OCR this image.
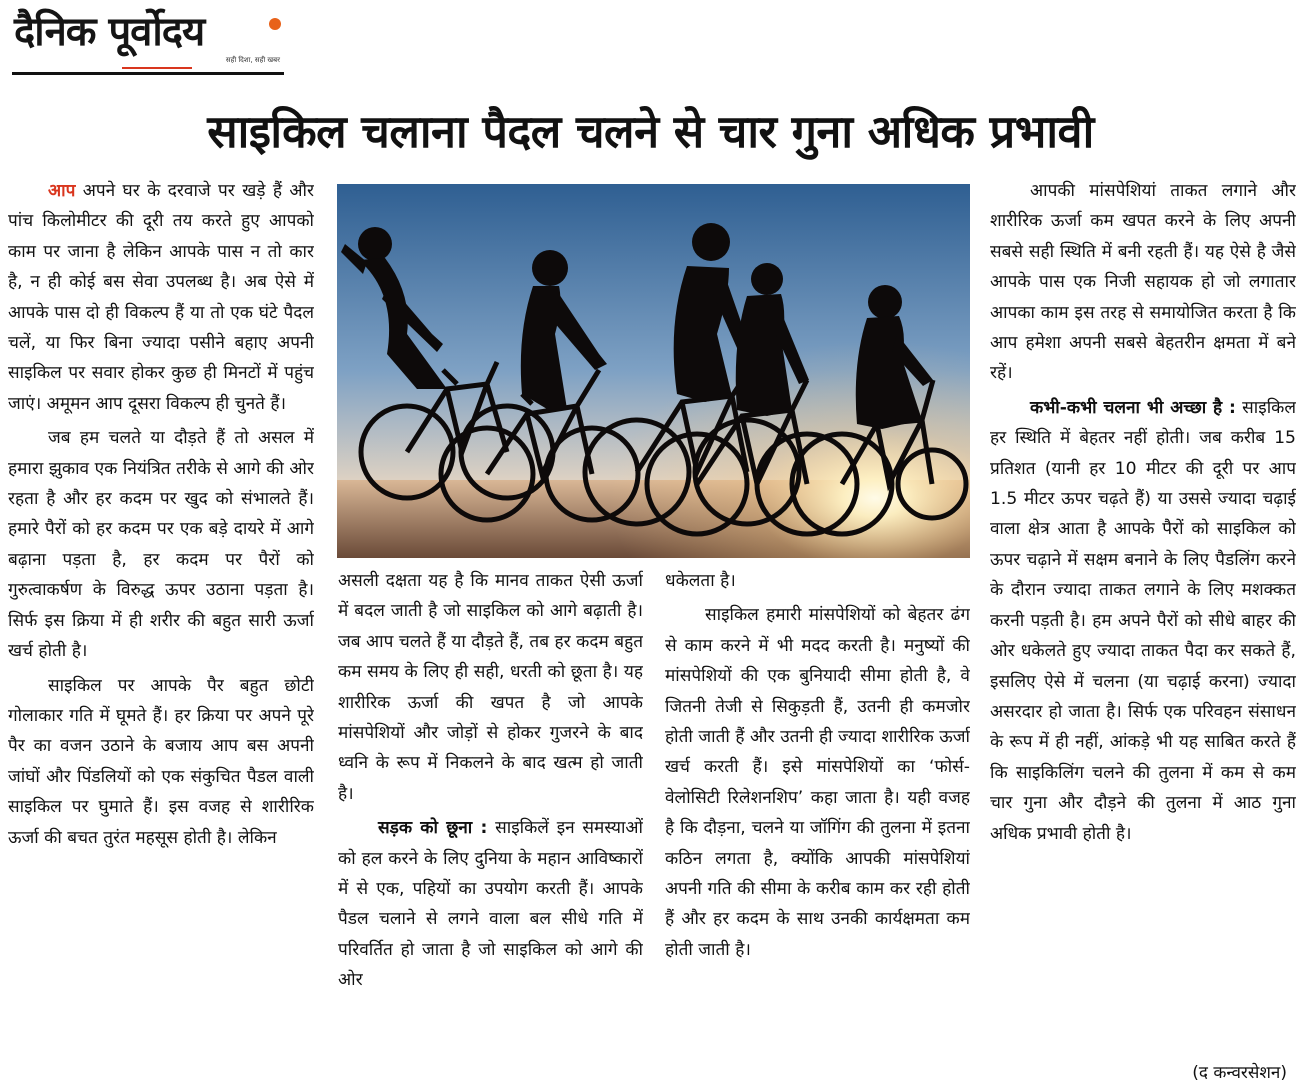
दैनिक पूर्वोदय
सही दिशा, सही खबर
साइकिल चलाना पैदल चलने से चार गुना अधिक प्रभावी

आप अपने घर के दरवाजे पर खड़े हैं और पांच किलोमीटर की दूरी तय करते हुए आपको काम पर जाना है लेकिन आपके पास न तो कार है, न ही कोई बस सेवा उपलब्ध है। अब ऐसे में आपके पास दो ही विकल्प हैं या तो एक घंटे पैदल चलें, या फिर बिना ज्यादा पसीने बहाए अपनी साइकिल पर सवार होकर कुछ ही मिनटों में पहुंच जाएं। अमूमन आप दूसरा विकल्प ही चुनते हैं।

जब हम चलते या दौड़ते हैं तो असल में हमारा झुकाव एक नियंत्रित तरीके से आगे की ओर रहता है और हर कदम पर खुद को संभालते हैं। हमारे पैरों को हर कदम पर एक बड़े दायरे में आगे बढ़ाना पड़ता है, हर कदम पर पैरों को गुरुत्वाकर्षण के विरुद्ध ऊपर उठाना पड़ता है। सिर्फ इस क्रिया में ही शरीर की बहुत सारी ऊर्जा खर्च होती है।

साइकिल पर आपके पैर बहुत छोटी गोलाकार गति में घूमते हैं। हर क्रिया पर अपने पूरे पैर का वजन उठाने के बजाय आप बस अपनी जांघों और पिंडलियों को एक संकुचित पैडल वाली साइकिल पर घुमाते हैं। इस वजह से शारीरिक ऊर्जा की बचत तुरंत महसूस होती है। लेकिन

असली दक्षता यह है कि मानव ताकत ऐसी ऊर्जा में बदल जाती है जो साइकिल को आगे बढ़ाती है। जब आप चलते हैं या दौड़ते हैं, तब हर कदम बहुत कम समय के लिए ही सही, धरती को छूता है। यह शारीरिक ऊर्जा की खपत है जो आपके मांसपेशियों और जोड़ों से होकर गुजरने के बाद ध्वनि के रूप में निकलने के बाद खत्म हो जाती है।

सड़क को छूना : साइकिलें इन समस्याओं को हल करने के लिए दुनिया के महान आविष्कारों में से एक, पहियों का उपयोग करती हैं। आपके पैडल चलाने से लगने वाला बल सीधे गति में परिवर्तित हो जाता है जो साइकिल को आगे की ओर

धकेलता है।

साइकिल हमारी मांसपेशियों को बेहतर ढंग से काम करने में भी मदद करती है। मनुष्यों की मांसपेशियों की एक बुनियादी सीमा होती है, वे जितनी तेजी से सिकुड़ती हैं, उतनी ही कमजोर होती जाती हैं और उतनी ही ज्यादा शारीरिक ऊर्जा खर्च करती हैं। इसे मांसपेशियों का ‘फोर्स-वेलोसिटी रिलेशनशिप’ कहा जाता है। यही वजह है कि दौड़ना, चलने या जॉगिंग की तुलना में इतना कठिन लगता है, क्योंकि आपकी मांसपेशियां अपनी गति की सीमा के करीब काम कर रही होती हैं और हर कदम के साथ उनकी कार्यक्षमता कम होती जाती है।

आपकी मांसपेशियां ताकत लगाने और शारीरिक ऊर्जा कम खपत करने के लिए अपनी सबसे सही स्थिति में बनी रहती हैं। यह ऐसे है जैसे आपके पास एक निजी सहायक हो जो लगातार आपका काम इस तरह से समायोजित करता है कि आप हमेशा अपनी सबसे बेहतरीन क्षमता में बने रहें।

कभी-कभी चलना भी अच्छा है : साइकिल हर स्थिति में बेहतर नहीं होती। जब करीब 15 प्रतिशत (यानी हर 10 मीटर की दूरी पर आप 1.5 मीटर ऊपर चढ़ते हैं) या उससे ज्यादा चढ़ाई वाला क्षेत्र आता है आपके पैरों को साइकिल को ऊपर चढ़ाने में सक्षम बनाने के लिए पैडलिंग करने के दौरान ज्यादा ताकत लगाने के लिए मशक्कत करनी पड़ती है। हम अपने पैरों को सीधे बाहर की ओर धकेलते हुए ज्यादा ताकत पैदा कर सकते हैं, इसलिए ऐसे में चलना (या चढ़ाई करना) ज्यादा असरदार हो जाता है। सिर्फ एक परिवहन संसाधन के रूप में ही नहीं, आंकड़े भी यह साबित करते हैं कि साइकिलिंग चलने की तुलना में कम से कम चार गुना और दौड़ने की तुलना में आठ गुना अधिक प्रभावी होती है।

(द कन्वरसेशन)
